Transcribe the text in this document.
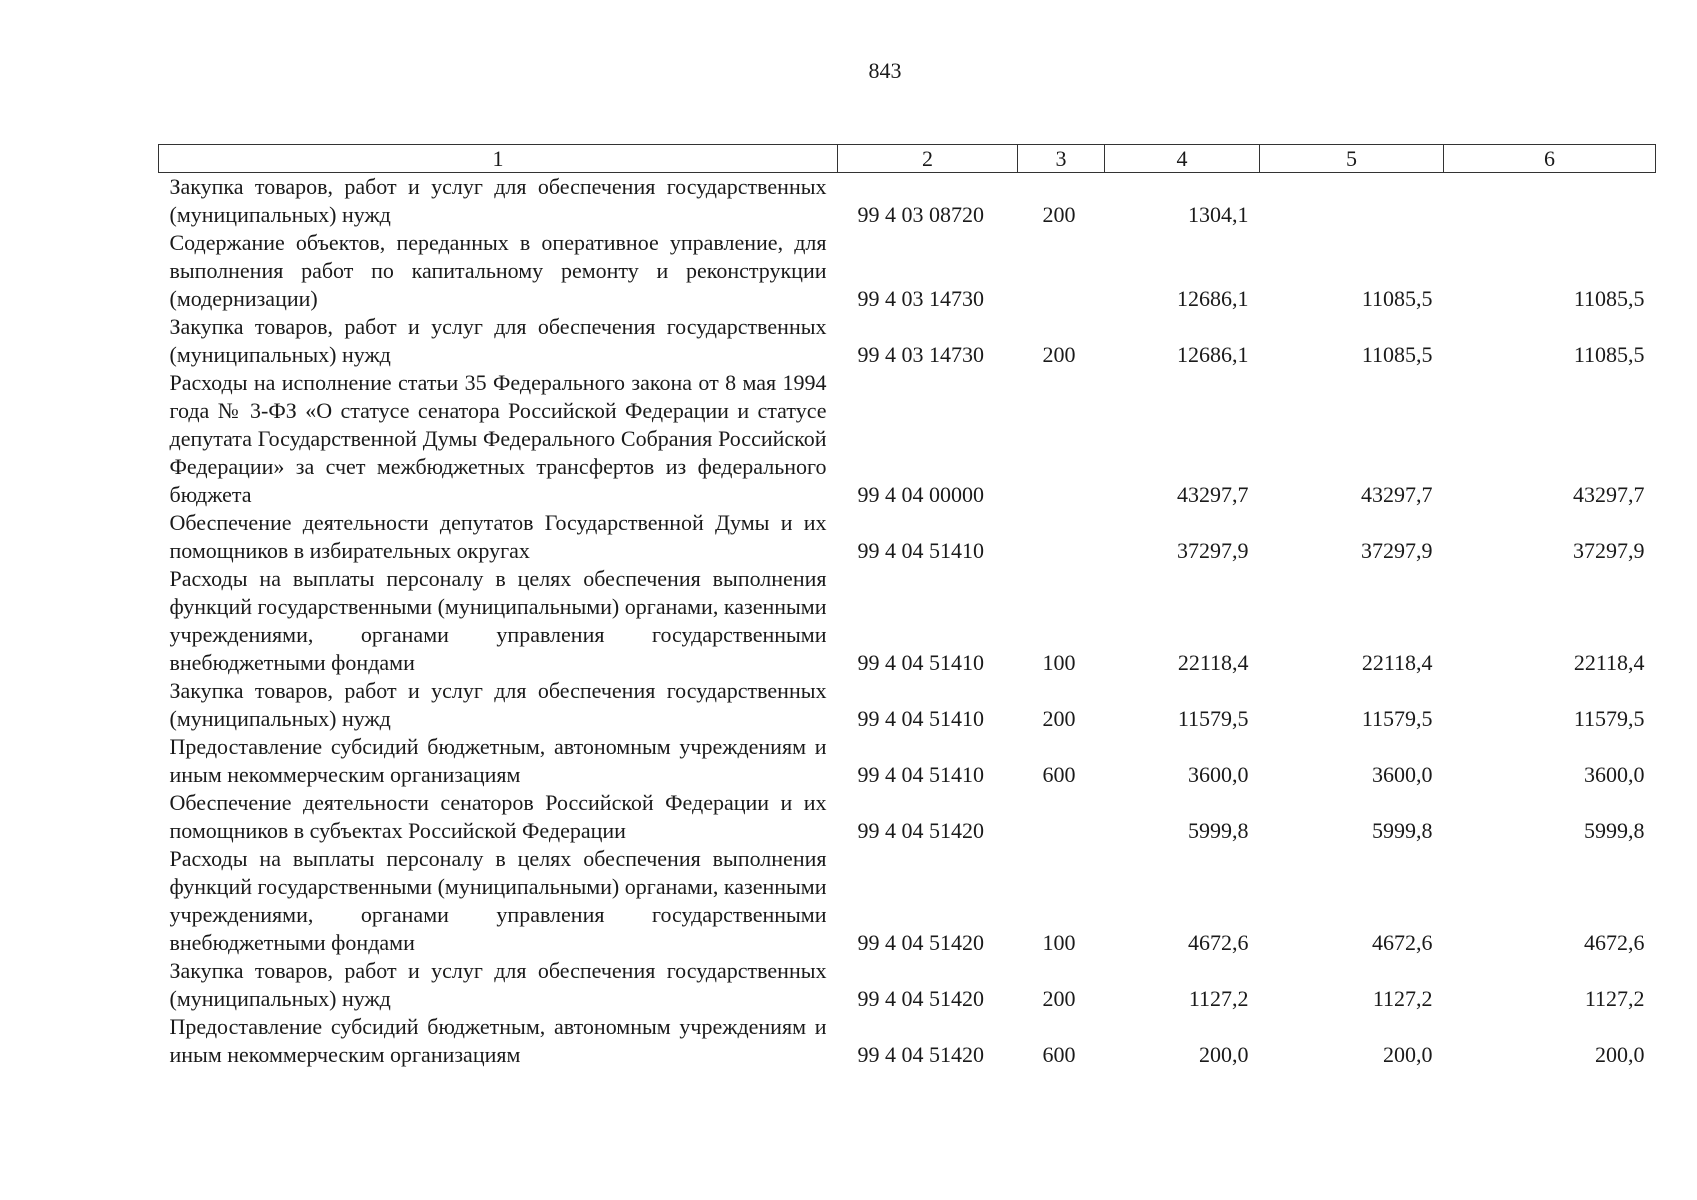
843
1	2	3	4	5	6
Закупка товаров, работ и услуг для обеспечения государственных (муниципальных) нужд	99 4 03 08720	200	1304,1		
Содержание объектов, переданных в оперативное управление, для выполнения работ по капитальному ремонту и реконструкции (модернизации)	99 4 03 14730		12686,1	11085,5	11085,5
Закупка товаров, работ и услуг для обеспечения государственных (муниципальных) нужд	99 4 03 14730	200	12686,1	11085,5	11085,5
Расходы на исполнение статьи 35 Федерального закона от 8 мая 1994 года № 3-ФЗ «О статусе сенатора Российской Федерации и статусе депутата Государственной Думы Федерального Собрания Российской Федерации» за счет межбюджетных трансфертов из федерального бюджета	99 4 04 00000		43297,7	43297,7	43297,7
Обеспечение деятельности депутатов Государственной Думы и их помощников в избирательных округах	99 4 04 51410		37297,9	37297,9	37297,9
Расходы на выплаты персоналу в целях обеспечения выполнения функций государственными (муниципальными) органами, казенными учреждениями, органами управления государственными внебюджетными фондами	99 4 04 51410	100	22118,4	22118,4	22118,4
Закупка товаров, работ и услуг для обеспечения государственных (муниципальных) нужд	99 4 04 51410	200	11579,5	11579,5	11579,5
Предоставление субсидий бюджетным, автономным учреждениям и иным некоммерческим организациям	99 4 04 51410	600	3600,0	3600,0	3600,0
Обеспечение деятельности сенаторов Российской Федерации и их помощников в субъектах Российской Федерации	99 4 04 51420		5999,8	5999,8	5999,8
Расходы на выплаты персоналу в целях обеспечения выполнения функций государственными (муниципальными) органами, казенными учреждениями, органами управления государственными внебюджетными фондами	99 4 04 51420	100	4672,6	4672,6	4672,6
Закупка товаров, работ и услуг для обеспечения государственных (муниципальных) нужд	99 4 04 51420	200	1127,2	1127,2	1127,2
Предоставление субсидий бюджетным, автономным учреждениям и иным некоммерческим организациям	99 4 04 51420	600	200,0	200,0	200,0
